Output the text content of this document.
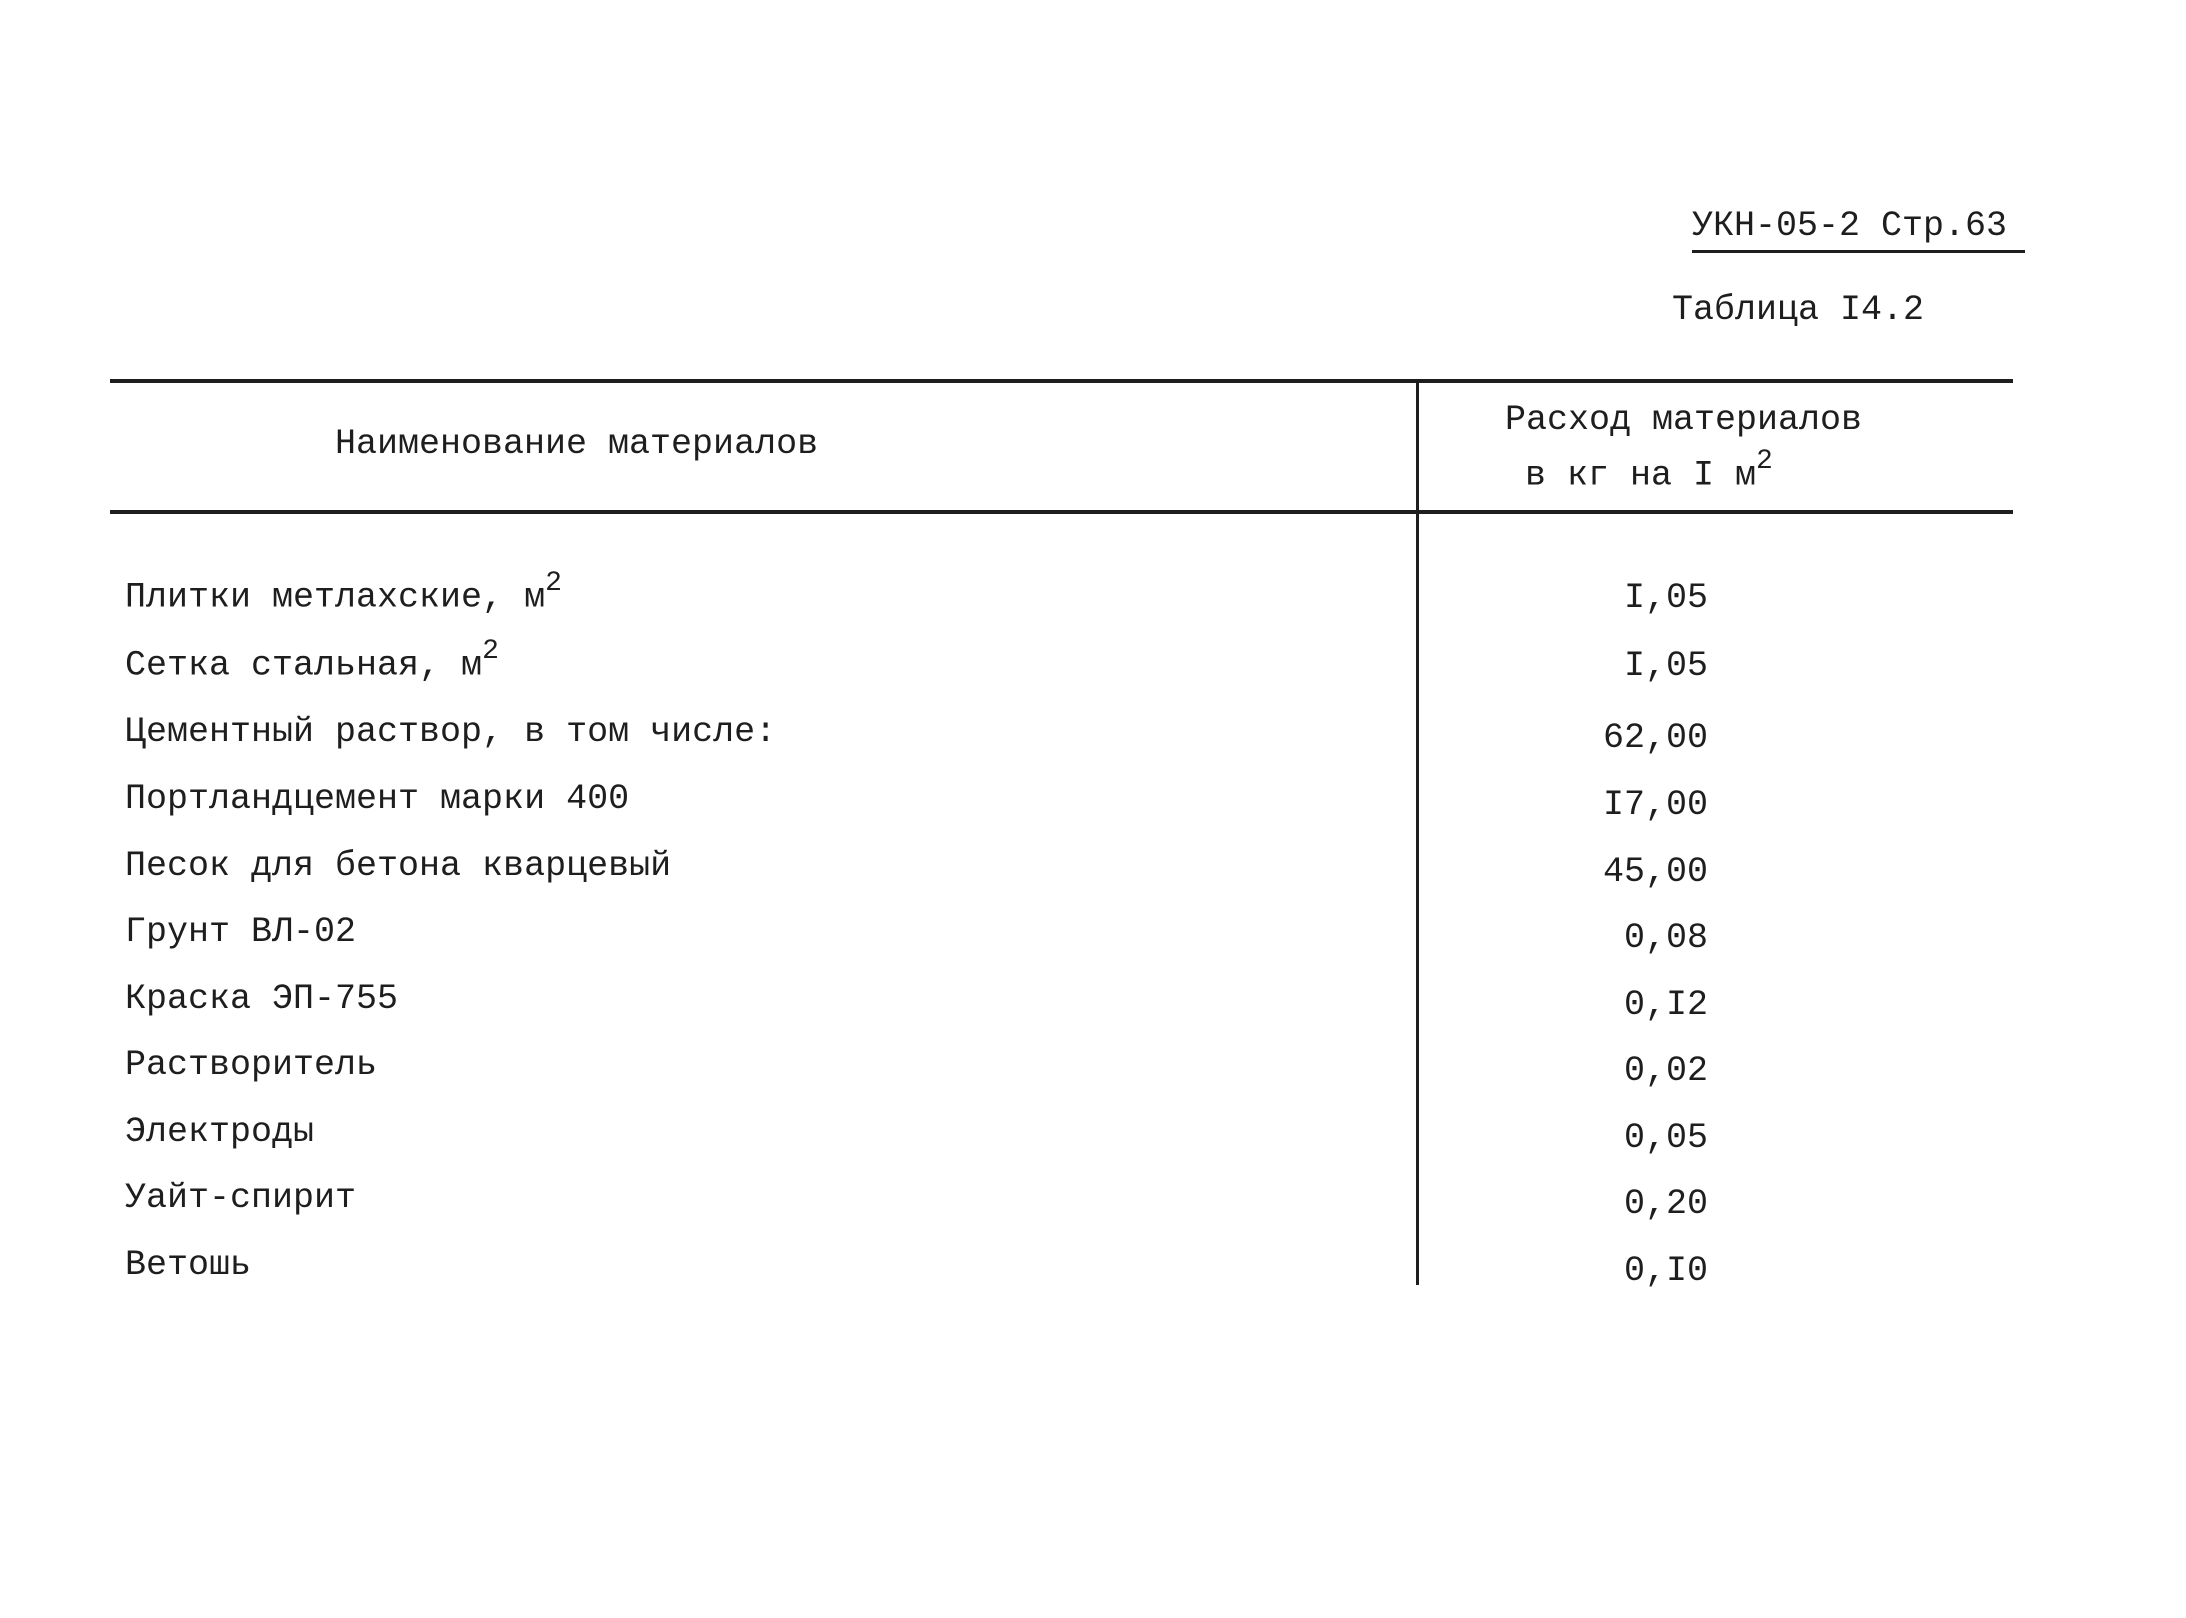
УКН-05-2 Стр.63
Таблица I4.2
Наименование материалов
Расход материалов
в кг на I $м^2$
Плитки метлахские, $м^2$	I,05
Сетка стальная, $м^2$	I,05
Цементный раствор, в том числе:	62,00
Портландцемент марки 400	I7,00
Песок для бетона кварцевый	45,00
Грунт ВЛ-02	0,08
Краска ЭП-755	0,I2
Растворитель	0,02
Электроды	0,05
Уайт-спирит	0,20
Ветошь	0,I0
